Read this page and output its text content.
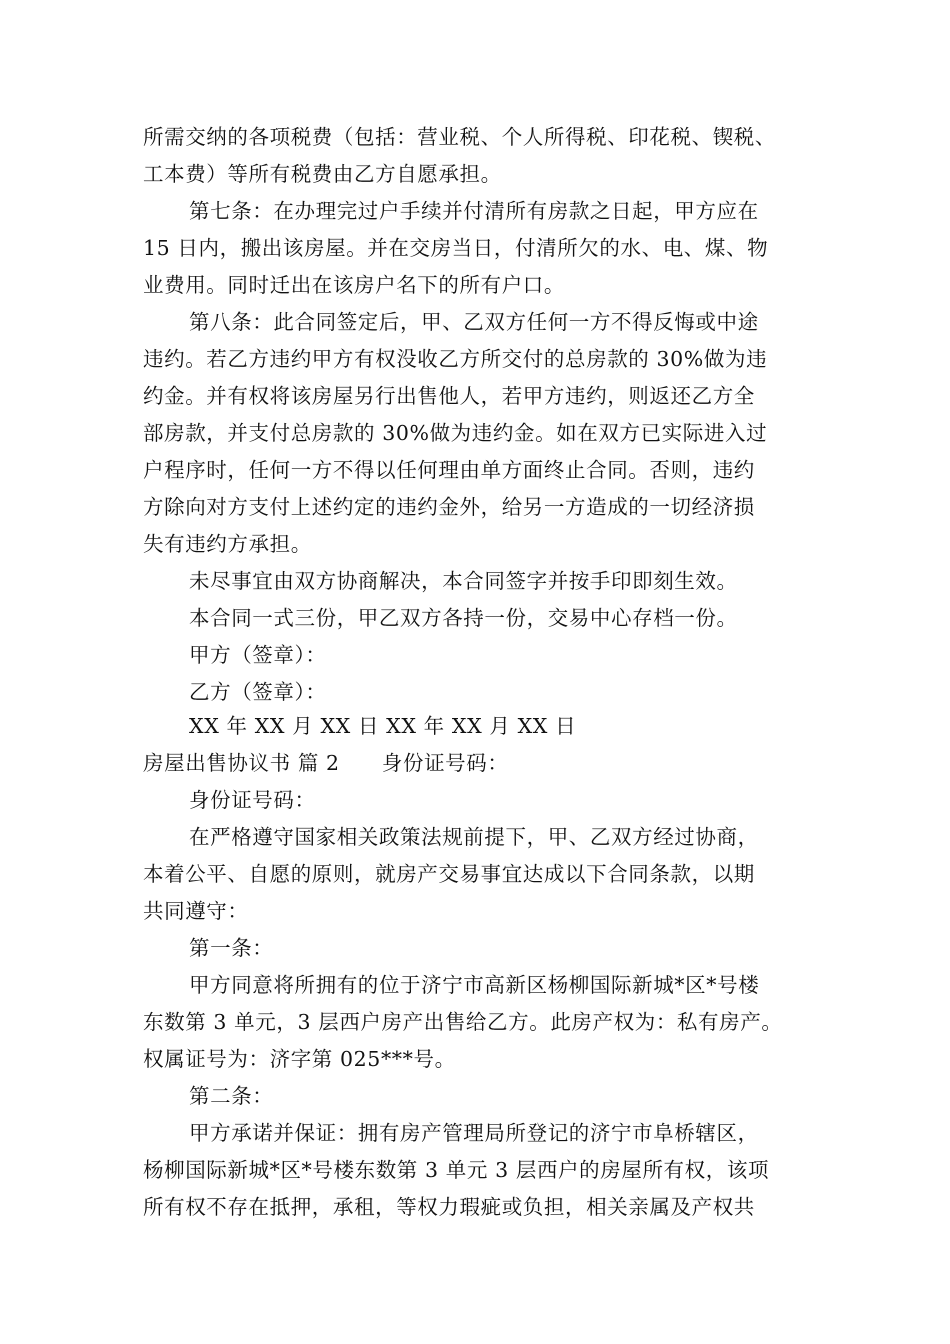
所需交纳的各项税费（包括：营业税、个人所得税、印花税、锲税、
工本费）等所有税费由乙方自愿承担。
第七条：在办理完过户手续并付清所有房款之日起，甲方应在
15 日内，搬出该房屋。并在交房当日，付清所欠的水、电、煤、物
业费用。同时迁出在该房户名下的所有户口。
第八条：此合同签定后，甲、乙双方任何一方不得反悔或中途
违约。若乙方违约甲方有权没收乙方所交付的总房款的 30%做为违
约金。并有权将该房屋另行出售他人，若甲方违约，则返还乙方全
部房款，并支付总房款的 30%做为违约金。如在双方已实际进入过
户程序时，任何一方不得以任何理由单方面终止合同。否则，违约
方除向对方支付上述约定的违约金外，给另一方造成的一切经济损
失有违约方承担。
未尽事宜由双方协商解决，本合同签字并按手印即刻生效。
本合同一式三份，甲乙双方各持一份，交易中心存档一份。
甲方（签章）：
乙方（签章）：
XX 年 XX 月 XX 日 XX 年 XX 月 XX 日
房屋出售协议书 篇 2　　身份证号码：
身份证号码：
在严格遵守国家相关政策法规前提下，甲、乙双方经过协商，
本着公平、自愿的原则，就房产交易事宜达成以下合同条款，以期
共同遵守：
第一条：
甲方同意将所拥有的位于济宁市高新区杨柳国际新城*区*号楼
东数第 3 单元，3 层西户房产出售给乙方。此房产权为：私有房产。
权属证号为：济字第 025***号。
第二条：
甲方承诺并保证：拥有房产管理局所登记的济宁市阜桥辖区，
杨柳国际新城*区*号楼东数第 3 单元 3 层西户的房屋所有权，该项
所有权不存在抵押，承租，等权力瑕疵或负担，相关亲属及产权共
